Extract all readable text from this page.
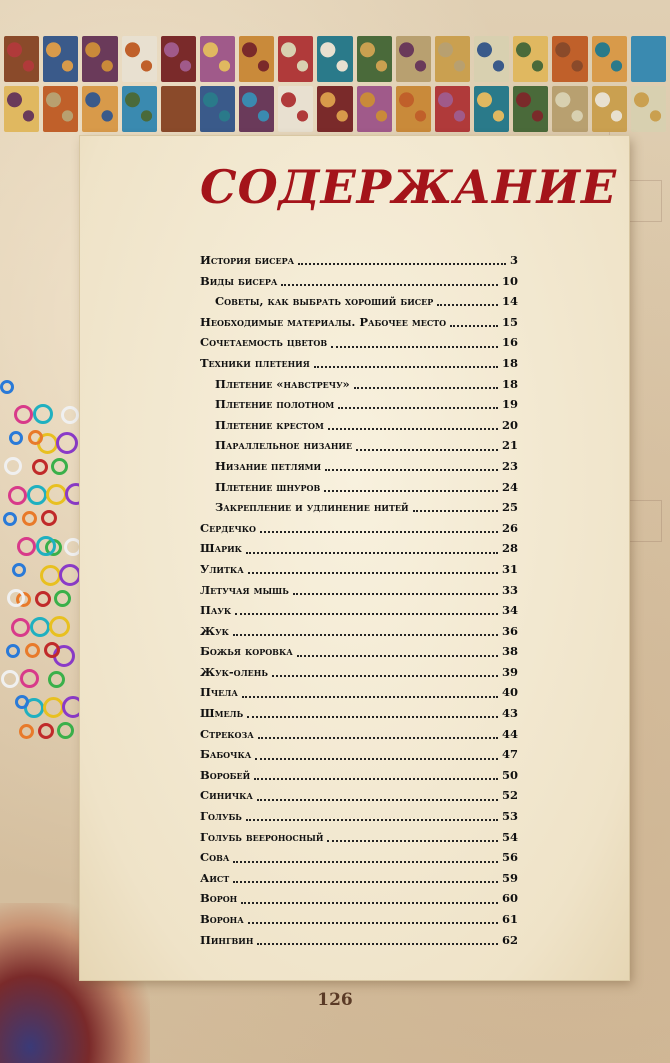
СОДЕРЖАНИЕ
История бисера	3
Виды бисера	10
Советы, как выбрать хороший бисер	14
Необходимые материалы. Рабочее место	15
Сочетаемость цветов	16
Техники плетения	18
Плетение «навстречу»	18
Плетение полотном	19
Плетение крестом	20
Параллельное низание	21
Низание петлями	23
Плетение шнуров	24
Закрепление и удлинение нитей	25
Сердечко	26
Шарик	28
Улитка	31
Летучая мышь	33
Паук	34
Жук	36
Божья коровка	38
Жук-олень	39
Пчела	40
Шмель	43
Стрекоза	44
Бабочка	47
Воробей	50
Синичка	52
Голубь	53
Голубь веероносный	54
Сова	56
Аист	59
Ворон	60
Ворона	61
Пингвин	62

126
